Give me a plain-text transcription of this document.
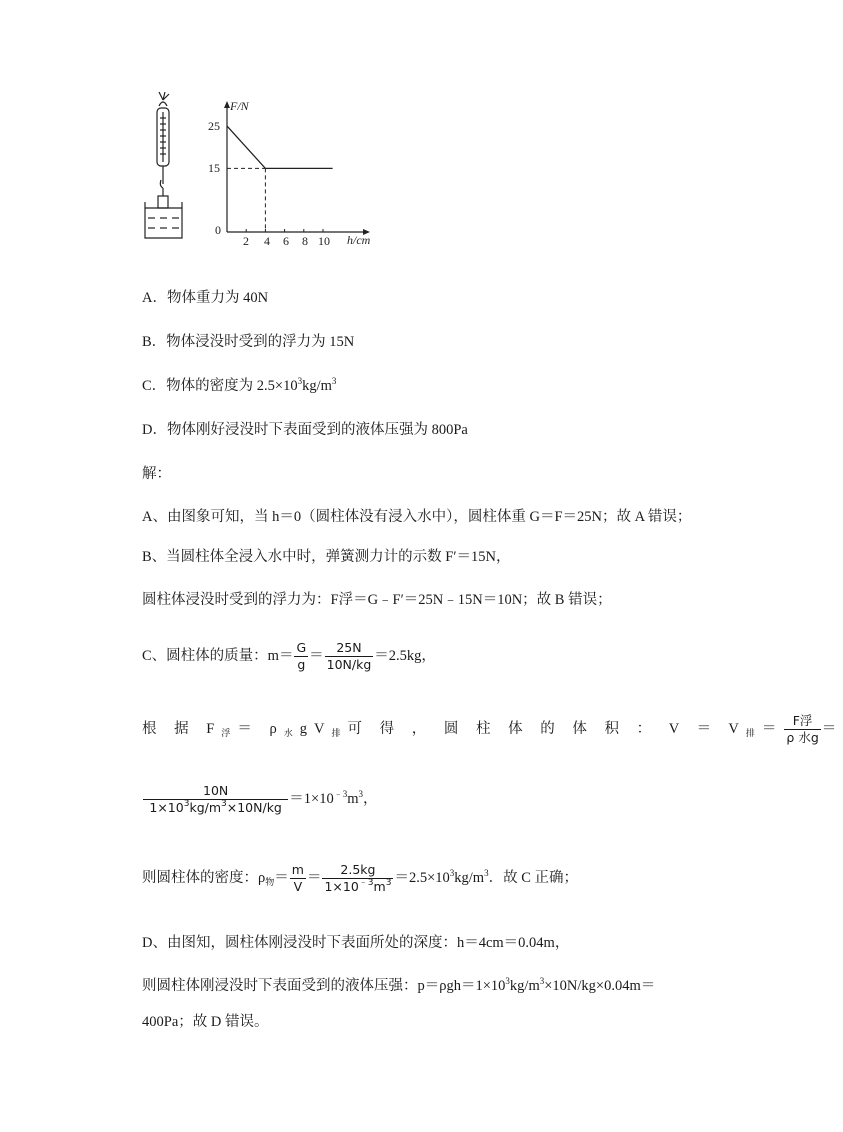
F/N
h/cm
25
15
0
2 4 6 8 10
A．物体重力为 40N
B．物体浸没时受到的浮力为 15N
C．物体的密度为 $2.5\times 10^3kg/m^3$
D．物体刚好浸没时下表面受到的液体压强为 800Pa
解：
A、由图象可知，当 h＝0（圆柱体没有浸入水中），圆柱体重 G＝F＝25N；故 A 错误；
B、当圆柱体全浸入水中时，弹簧测力计的示数 F′＝15N，
圆柱体浸没时受到的浮力为：F浮＝G﹣F′＝25N﹣15N＝10N；故 B 错误；
C、圆柱体的质量：$m= \frac{G}{g} = \frac{25N}{10N/kg} =2.5kg$，
根 据 $F_浮= \rho_水gV_排$可 得 ， 圆 柱 体 的 体 积 ： $V = V_排= \frac{\text{F浮}}{\text{ρ 水g}}$ ＝
$\frac{10N}{1\times 10^3kg/m^3\times 10N/kg} =1\times 10^{﹣3}m^3$，
则圆柱体的密度：$\rho_物= \frac{m}{V} = \frac{2.5kg}{1\times 10^{﹣3}m^3} =2.5\times 10^3kg/m^3$．故 C 正确；
D、由图知，圆柱体刚浸没时下表面所处的深度：h＝4cm＝0.04m，
则圆柱体刚浸没时下表面受到的液体压强：$p=\rho gh=1\times 10^3kg/m^3\times 10N/kg\times 0.04m=$
400Pa；故 D 错误。
